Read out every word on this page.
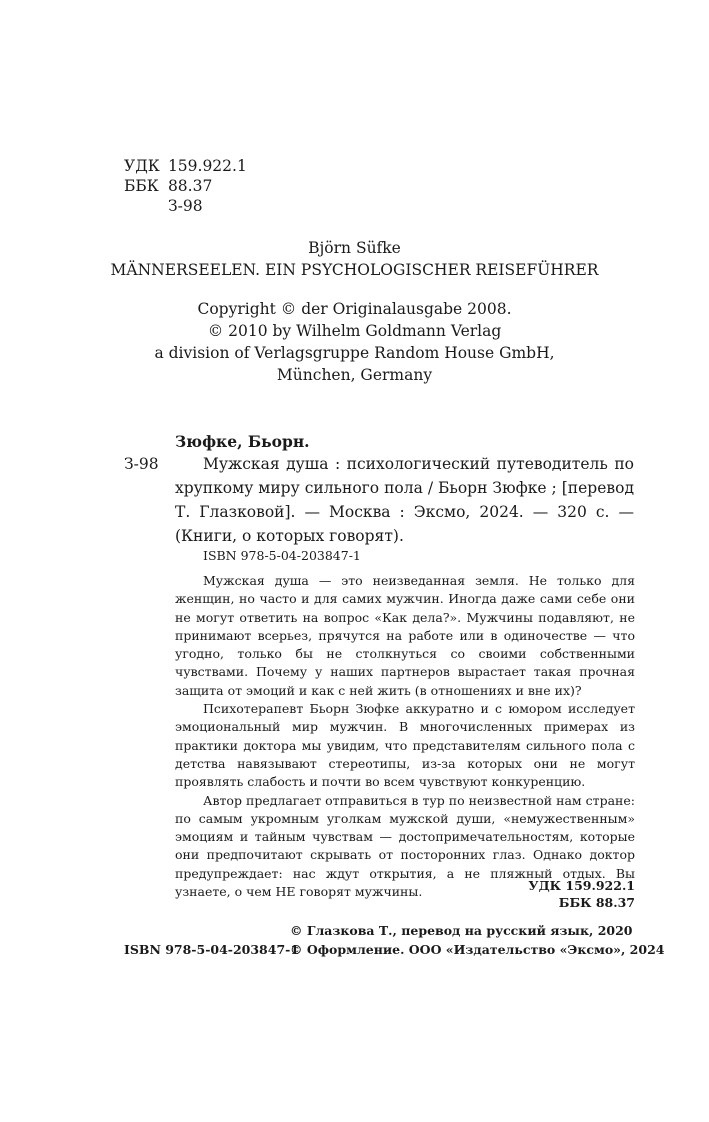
УДК 159.922.1
ББК 88.37
З-98
Björn Süfke
MÄNNERSEELEN. EIN PSYCHOLOGISCHER REISEFÜHRER
Copyright © der Originalausgabe 2008.
© 2010 by Wilhelm Goldmann Verlag
a division of Verlagsgruppe Random House GmbH,
München, Germany
Зюфке, Бьорн.
З-98	Мужская душа : психологический путеводитель по хрупкому миру сильного пола / Бьорн Зюфке ; [перевод Т. Глазковой]. — Москва : Эксмо, 2024. — 320 с. — (Книги, о которых говорят).
ISBN 978-5-04-203847-1

Мужская душа — это неизведанная земля. Не только для женщин, но часто и для самих мужчин. Иногда даже сами себе они не могут ответить на вопрос «Как дела?». Мужчины подавляют, не принимают всерьез, прячутся на работе или в одиночестве — что угодно, только бы не столкнуться со своими собственными чувствами. Почему у наших партнеров вырастает такая прочная защита от эмоций и как с ней жить (в отношениях и вне их)?

Психотерапевт Бьорн Зюфке аккуратно и с юмором исследует эмоциональный мир мужчин. В многочисленных примерах из практики доктора мы увидим, что представителям сильного пола с детства навязывают стереотипы, из-за которых они не могут проявлять слабость и почти во всем чувствуют конкуренцию.

Автор предлагает отправиться в тур по неизвестной нам стране: по самым укромным уголкам мужской души, «немужественным» эмоциям и тайным чувствам — достопримечательностям, которые они предпочитают скрывать от посторонних глаз. Однако доктор предупреждает: нас ждут открытия, а не пляжный отдых. Вы узнаете, о чем НЕ говорят мужчины.	УДК 159.922.1
ББК 88.37
© Глазкова Т., перевод на русский язык, 2020
© Оформление. ООО «Издательство «Эксмо», 2024
ISBN 978-5-04-203847-1
